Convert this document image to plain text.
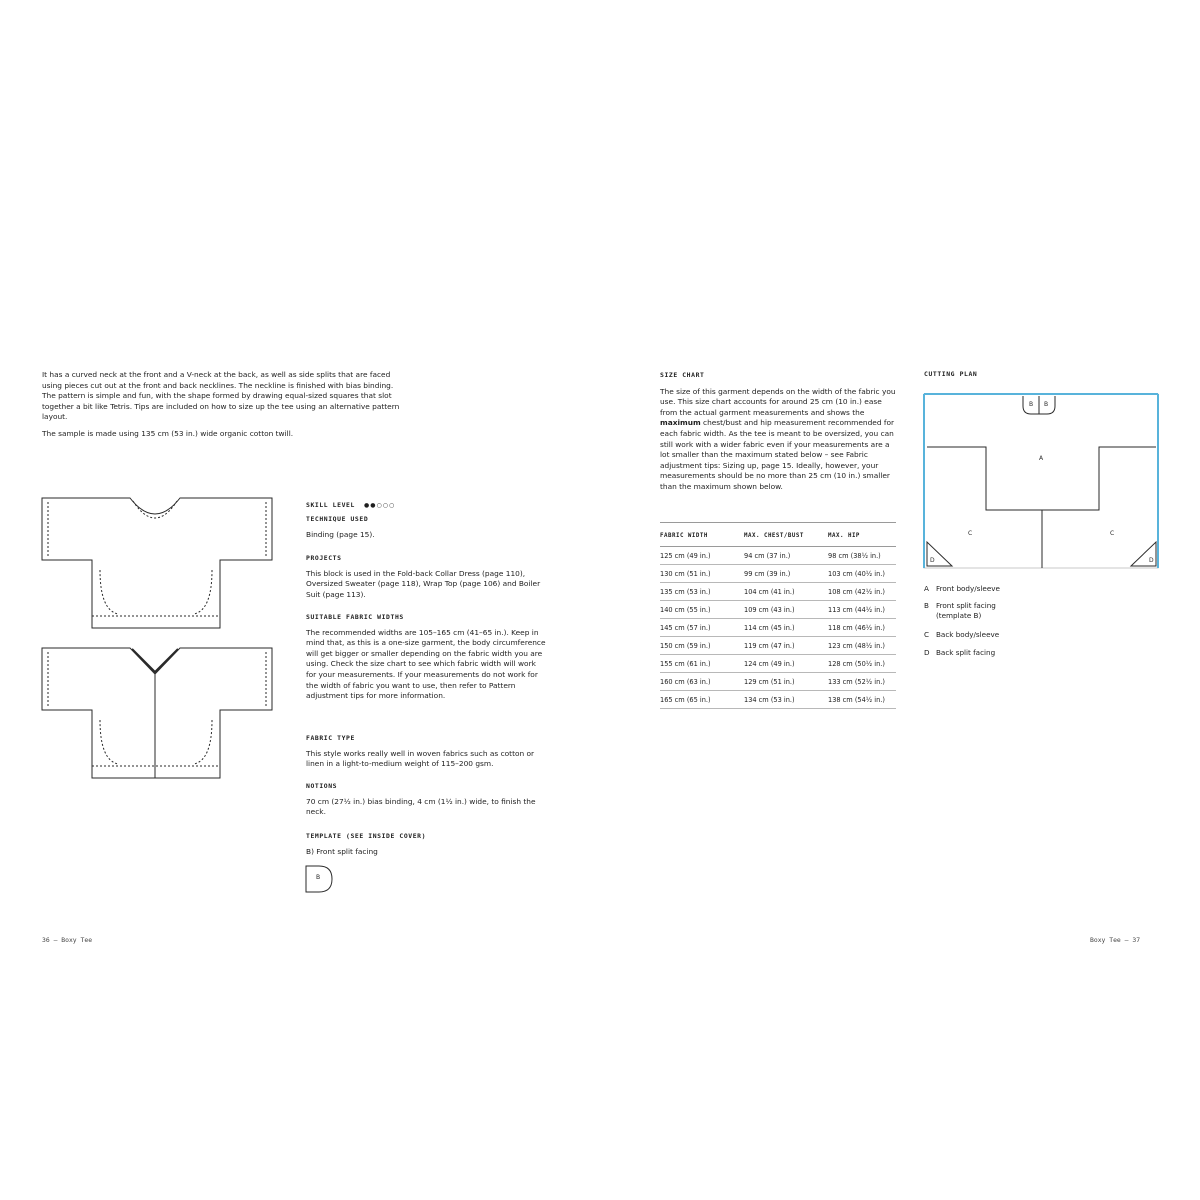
It has a curved neck at the front and a V-neck at the back, as well as side splits that are faced using pieces cut out at the front and back necklines. The neckline is finished with bias binding. The pattern is simple and fun, with the shape formed by drawing equal-sized squares that slot together a bit like Tetris. Tips are included on how to size up the tee using an alternative pattern layout.

The sample is made using 135 cm (53 in.) wide organic cotton twill.

SKILL LEVEL ●●○○○
TECHNIQUE USED

Binding (page 15).

PROJECTS

This block is used in the Fold-back Collar Dress (page 110), Oversized Sweater (page 118), Wrap Top (page 106) and Boiler Suit (page 113).

SUITABLE FABRIC WIDTHS

The recommended widths are 105–165 cm (41–65 in.). Keep in mind that, as this is a one-size garment, the body circumference will get bigger or smaller depending on the fabric width you are using. Check the size chart to see which fabric width will work for your measurements. If your measurements do not work for the width of fabric you want to use, then refer to Pattern adjustment tips for more information.

FABRIC TYPE

This style works really well in woven fabrics such as cotton or linen in a light-to-medium weight of 115–200 gsm.

NOTIONS

70 cm (27½ in.) bias binding, 4 cm (1½ in.) wide, to finish the neck.

TEMPLATE (SEE INSIDE COVER)

B) Front split facing

B
36 — Boxy Tee
SIZE CHART

The size of this garment depends on the width of the fabric you use. This size chart accounts for around 25 cm (10 in.) ease from the actual garment measurements and shows the maximum chest/bust and hip measurement recommended for each fabric width. As the tee is meant to be oversized, you can still work with a wider fabric even if your measurements are a lot smaller than the maximum stated below – see Fabric adjustment tips: Sizing up, page 15. Ideally, however, your measurements should be no more than 25 cm (10 in.) smaller than the maximum shown below.

FABRIC WIDTH	MAX. CHEST/BUST	MAX. HIP
125 cm (49 in.)	94 cm (37 in.)	98 cm (38½ in.)
130 cm (51 in.)	99 cm (39 in.)	103 cm (40½ in.)
135 cm (53 in.)	104 cm (41 in.)	108 cm (42½ in.)
140 cm (55 in.)	109 cm (43 in.)	113 cm (44½ in.)
145 cm (57 in.)	114 cm (45 in.)	118 cm (46½ in.)
150 cm (59 in.)	119 cm (47 in.)	123 cm (48½ in.)
155 cm (61 in.)	124 cm (49 in.)	128 cm (50½ in.)
160 cm (63 in.)	129 cm (51 in.)	133 cm (52½ in.)
165 cm (65 in.)	134 cm (53 in.)	138 cm (54½ in.)
CUTTING PLAN
B B
A
C	C
D	D
A Front body/sleeve
B Front split facing (template B)
C Back body/sleeve
D Back split facing
Boxy Tee — 37
